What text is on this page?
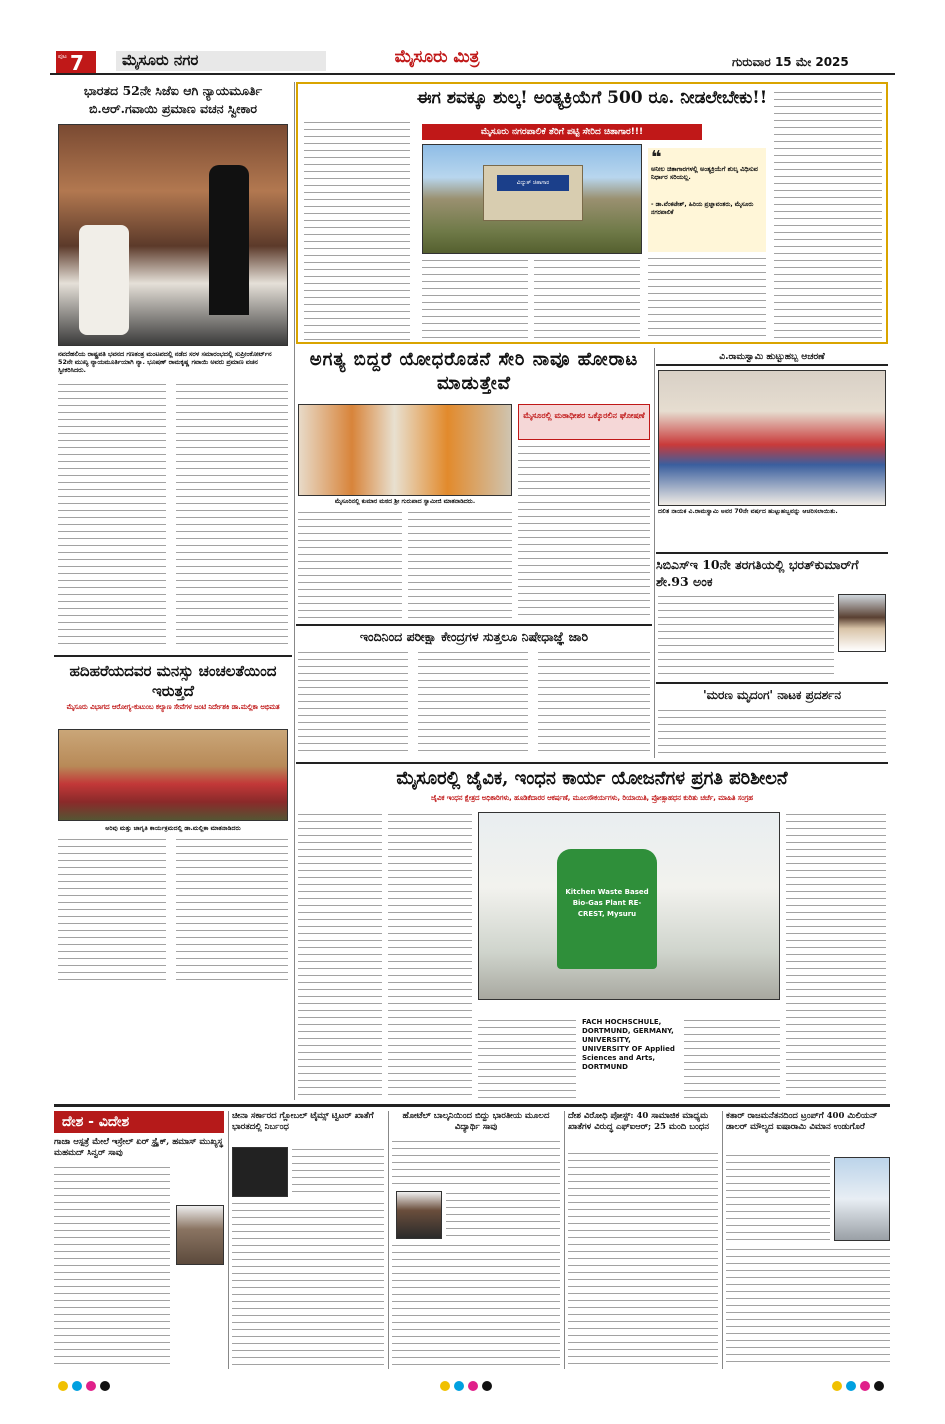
ಪುಟ 7	ಮೈಸೂರು ನಗರ	ಮೈಸೂರು ಮಿತ್ರ	ಗುರುವಾರ 15 ಮೇ 2025
ಭಾರತದ 52ನೇ ಸಿಜೆಐ ಆಗಿ ನ್ಯಾಯಮೂರ್ತಿ ಬಿ.ಆರ್.ಗವಾಯಿ ಪ್ರಮಾಣ ವಚನ ಸ್ವೀಕಾರ
ನವದೆಹಲಿಯ ರಾಷ್ಟ್ರಪತಿ ಭವನದ ಗಣತಂತ್ರ ಮಂಟಪದಲ್ಲಿ ನಡೆದ ಸರಳ ಸಮಾರಂಭದಲ್ಲಿ ಸುಪ್ರೀಂಕೋರ್ಟ್‌ನ 52ನೇ ಮುಖ್ಯ ನ್ಯಾಯಮೂರ್ತಿಯಾಗಿ ನ್ಯಾ. ಭೂಷಣ್ ರಾಮಕೃಷ್ಣ ಗವಾಯಿ ಅವರು ಪ್ರಮಾಣ ವಚನ ಸ್ವೀಕರಿಸಿದರು.
ಹದಿಹರೆಯದವರ ಮನಸ್ಸು ಚಂಚಲತೆಯಿಂದ ಇರುತ್ತದೆ
ಮೈಸೂರು ವಿಭಾಗದ ಆರೋಗ್ಯ-ಕುಟುಂಬ ಕಲ್ಯಾಣ ಸೇವೆಗಳ ಜಂಟಿ ನಿರ್ದೇಶಕಿ ಡಾ.ಮಲ್ಲಿಕಾ ಅಭಿಮತ
ಅರಿವು ಮತ್ತು ಜಾಗೃತಿ ಕಾರ್ಯಕ್ರಮದಲ್ಲಿ ಡಾ.ಮಲ್ಲಿಕಾ ಮಾತನಾಡಿದರು
ಈಗ ಶವಕ್ಕೂ ಶುಲ್ಕ! ಅಂತ್ಯಕ್ರಿಯೆಗೆ 500 ರೂ. ನೀಡಲೇಬೇಕು!!
ಮೈಸೂರು ನಗರಪಾಲಿಕೆ ತೆರಿಗೆ ಪಟ್ಟಿ ಸೇರಿದ ಚಿತಾಗಾರ!!!
ವಿದ್ಯುತ್ ಚಿತಾಗಾರ
❝
ಅನೀಲ ಚಿತಾಗಾರಗಳಲ್ಲಿ ಅಂತ್ಯಕ್ರಿಯೆಗೆ ಶುಲ್ಕ ವಿಧಿಸುವ ನಿರ್ಧಾರ ಸರಿಯಲ್ಲ.
- ಡಾ.ವೆಂಕಟೇಶ್, ಹಿರಿಯ ಪ್ರಜ್ಞಾವಂತರು, ಮೈಸೂರು ನಗರಪಾಲಿಕೆ
ಅಗತ್ಯ ಬಿದ್ದರೆ ಯೋಧರೊಡನೆ ಸೇರಿ ನಾವೂ ಹೋರಾಟ ಮಾಡುತ್ತೇವೆ
ಮೈಸೂರಿನಲ್ಲಿ ಕುಮಾರ ಮಠದ ಶ್ರೀ ಗುರುಪಾದ ಸ್ವಾಮೀಜಿ ಮಾತನಾಡಿದರು.
ಮೈಸೂರಲ್ಲಿ ಮಠಾಧೀಶರ ಒಕ್ಕೊರಲಿನ ಘೋಷಣೆ
ವಿ.ರಾಮಸ್ವಾಮಿ ಹುಟ್ಟುಹಬ್ಬ ಆಚರಣೆ
ದಲಿತ ನಾಯಕ ವಿ.ರಾಮಸ್ವಾಮಿ ಅವರ 70ನೇ ವರ್ಷದ ಹುಟ್ಟುಹಬ್ಬವನ್ನು ಆಚರಿಸಲಾಯಿತು.
ಸಿಬಿಎಸ್‌ಇ 10ನೇ ತರಗತಿಯಲ್ಲಿ ಭರತ್‌ಕುಮಾರ್‌ಗೆ ಶೇ.93 ಅಂಕ
ಇಂದಿನಿಂದ ಪರೀಕ್ಷಾ ಕೇಂದ್ರಗಳ ಸುತ್ತಲೂ ನಿಷೇಧಾಜ್ಞೆ ಜಾರಿ
'ಮರಣ ಮೃದಂಗ' ನಾಟಕ ಪ್ರದರ್ಶನ
ಮೈಸೂರಲ್ಲಿ ಜೈವಿಕ, ಇಂಧನ ಕಾರ್ಯ ಯೋಜನೆಗಳ ಪ್ರಗತಿ ಪರಿಶೀಲನೆ
ಜೈವಿಕ ಇಂಧನ ಕ್ಷೇತ್ರದ ಅಧಿಕಾರಿಗಳು, ಹೂಡಿಕೆದಾರರ ಆಕರ್ಷಣೆ, ಮೂಲಸೌಕರ್ಯಗಳು, ರಿಯಾಯಿತಿ, ಪ್ರೋತ್ಸಾಹಧನ ಕುರಿತು ಚರ್ಚೆ, ಮಾಹಿತಿ ಸಂಗ್ರಹ
Kitchen Waste Based Bio-Gas Plant RE-CREST, Mysuru
FACH HOCHSCHULE, DORTMUND, GERMANY, UNIVERSITY, UNIVERSITY OF Applied Sciences and Arts, DORTMUND
ದೇಶ - ವಿದೇಶ
ಗಾಜಾ ಆಸ್ಪತ್ರೆ ಮೇಲೆ ಇಸ್ರೇಲ್ ಏರ್ ಸ್ಟ್ರೈಕ್, ಹಮಾಸ್ ಮುಖ್ಯಸ್ಥ ಮಹಮದ್ ಸಿನ್ವರ್ ಸಾವು
ಚೀನಾ ಸರ್ಕಾರದ ಗ್ಲೋಬಲ್ ಟೈಮ್ಸ್ ಟ್ವಿಟರ್ ಖಾತೆಗೆ ಭಾರತದಲ್ಲಿ ನಿರ್ಬಂಧ
ಹೋಟೆಲ್ ಬಾಲ್ಕನಿಯಿಂದ ಬಿದ್ದು ಭಾರತೀಯ ಮೂಲದ ವಿದ್ಯಾರ್ಥಿ ಸಾವು
ದೇಶ ವಿರೋಧಿ ಪೋಸ್ಟ್: 40 ಸಾಮಾಜಿಕ ಮಾಧ್ಯಮ ಖಾತೆಗಳ ವಿರುದ್ಧ ಎಫ್‌ಐಆರ್; 25 ಮಂದಿ ಬಂಧನ
ಕತಾರ್ ರಾಜಮನೆತನದಿಂದ ಟ್ರಂಪ್‌ಗೆ 400 ಮಿಲಿಯನ್ ಡಾಲರ್ ಮೌಲ್ಯದ ಐಷಾರಾಮಿ ವಿಮಾನ ಉಡುಗೊರೆ
